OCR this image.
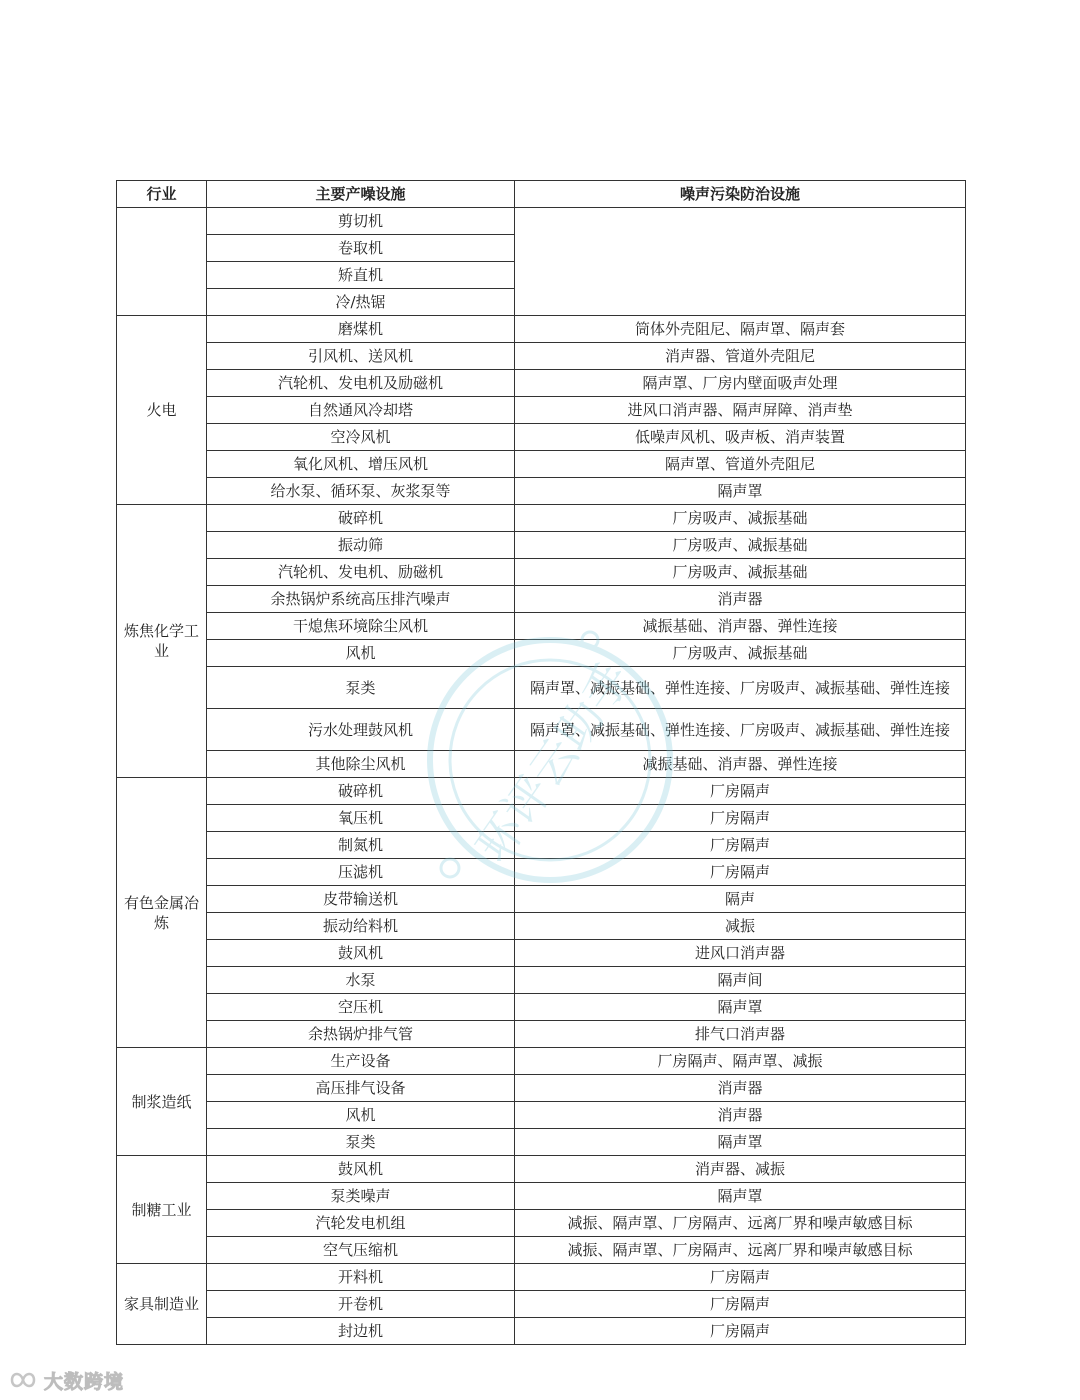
行业	主要产噪设施	噪声污染防治设施
	剪切机	
	卷取机	
	矫直机	
	冷/热锯	
火电	磨煤机	筒体外壳阻尼、隔声罩、隔声套
	引风机、送风机	消声器、管道外壳阻尼
	汽轮机、发电机及励磁机	隔声罩、厂房内壁面吸声处理
	自然通风冷却塔	进风口消声器、隔声屏障、消声垫
	空冷风机	低噪声风机、吸声板、消声装置
	氧化风机、增压风机	隔声罩、管道外壳阻尼
	给水泵、循环泵、灰浆泵等	隔声罩
炼焦化学工业	破碎机	厂房吸声、减振基础
	振动筛	厂房吸声、减振基础
	汽轮机、发电机、励磁机	厂房吸声、减振基础
	余热锅炉系统高压排汽噪声	消声器
	干熄焦环境除尘风机	减振基础、消声器、弹性连接
	风机	厂房吸声、减振基础
	泵类	隔声罩、减振基础、弹性连接、厂房吸声、减振基础、弹性连接
	污水处理鼓风机	隔声罩、减振基础、弹性连接、厂房吸声、减振基础、弹性连接
	其他除尘风机	减振基础、消声器、弹性连接
有色金属冶炼	破碎机	厂房隔声
	氧压机	厂房隔声
	制氮机	厂房隔声
	压滤机	厂房隔声
	皮带输送机	隔声
	振动给料机	减振
	鼓风机	进风口消声器
	水泵	隔声间
	空压机	隔声罩
	余热锅炉排气管	排气口消声器
制浆造纸	生产设备	厂房隔声、隔声罩、减振
	高压排气设备	消声器
	风机	消声器
	泵类	隔声罩
制糖工业	鼓风机	消声器、减振
	泵类噪声	隔声罩
	汽轮发电机组	减振、隔声罩、厂房隔声、远离厂界和噪声敏感目标
	空气压缩机	减振、隔声罩、厂房隔声、远离厂界和噪声敏感目标
家具制造业	开料机	厂房隔声
	开卷机	厂房隔声
	封边机	厂房隔声
环评云助手
大数跨境
